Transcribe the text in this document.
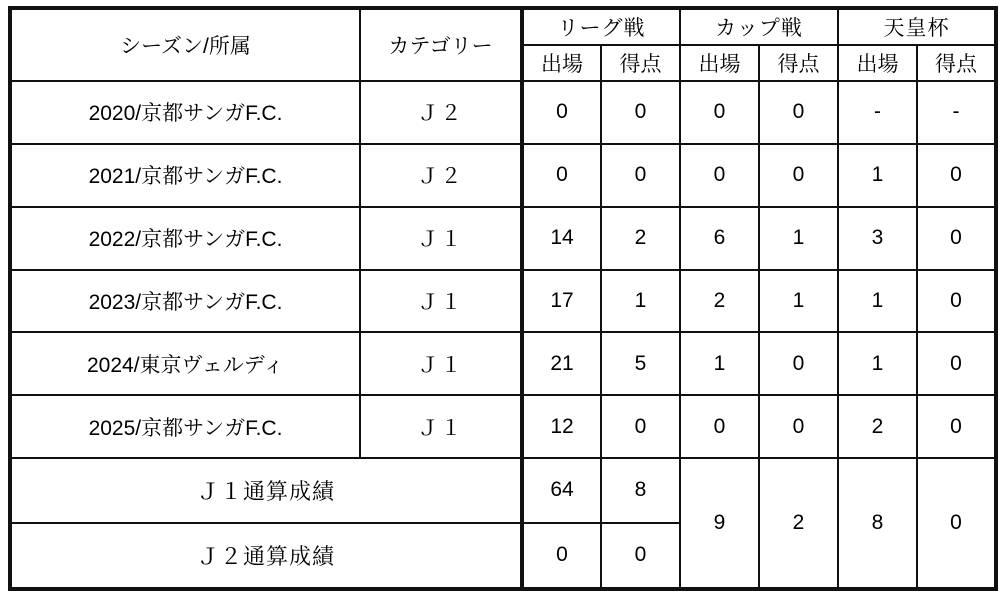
シーズン/所属	カテゴリー	リーグ戦		カップ戦		天皇杯	
		出場	得点	出場	得点	出場	得点
2020/京都サンガF.C.	Ｊ２	0	0	0	0	-	-
2021/京都サンガF.C.	Ｊ２	0	0	0	0	1	0
2022/京都サンガF.C.	Ｊ１	14	2	6	1	3	0
2023/京都サンガF.C.	Ｊ１	17	1	2	1	1	0
2024/東京ヴェルディ	Ｊ１	21	5	1	0	1	0
2025/京都サンガF.C.	Ｊ１	12	0	0	0	2	0
Ｊ１通算成績		64	8	9	2	8	0
Ｊ２通算成績		0	0				
